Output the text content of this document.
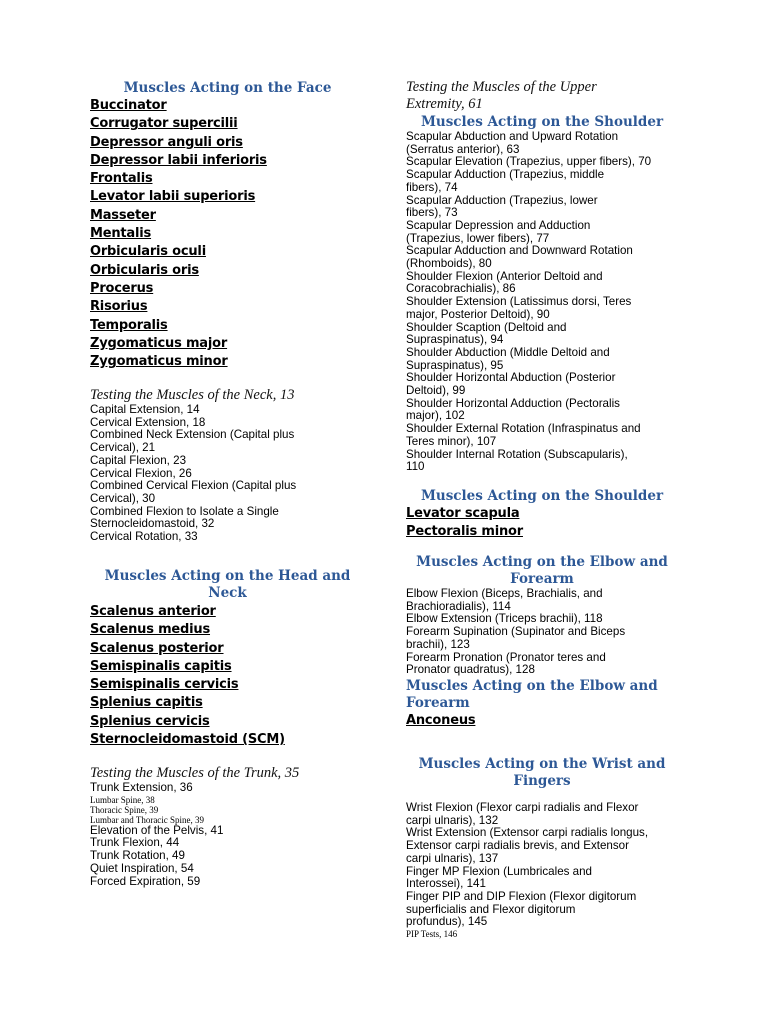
Muscles Acting on the Face

Buccinator

Corrugator supercilii

Depressor anguli oris

Depressor labii inferioris

Frontalis

Levator labii superioris

Masseter

Mentalis

Orbicularis oculi

Orbicularis oris

Procerus

Risorius

Temporalis

Zygomaticus major

Zygomaticus minor

Testing the Muscles of the Neck, 13

Capital Extension, 14

Cervical Extension, 18

Combined Neck Extension (Capital plus

Cervical), 21

Capital Flexion, 23

Cervical Flexion, 26

Combined Cervical Flexion (Capital plus

Cervical), 30

Combined Flexion to Isolate a Single

Sternocleidomastoid, 32

Cervical Rotation, 33

Muscles Acting on the Head and
Neck

Scalenus anterior

Scalenus medius

Scalenus posterior

Semispinalis capitis

Semispinalis cervicis

Splenius capitis

Splenius cervicis

Sternocleidomastoid (SCM)

Testing the Muscles of the Trunk, 35

Trunk Extension, 36

Lumbar Spine, 38

Thoracic Spine, 39

Lumbar and Thoracic Spine, 39

Elevation of the Pelvis, 41

Trunk Flexion, 44

Trunk Rotation, 49

Quiet Inspiration, 54

Forced Expiration, 59

Testing the Muscles of the Upper
Extremity, 61

Muscles Acting on the Shoulder

Scapular Abduction and Upward Rotation

(Serratus anterior), 63

Scapular Elevation (Trapezius, upper fibers), 70

Scapular Adduction (Trapezius, middle

fibers), 74

Scapular Adduction (Trapezius, lower

fibers), 73

Scapular Depression and Adduction

(Trapezius, lower fibers), 77

Scapular Adduction and Downward Rotation

(Rhomboids), 80

Shoulder Flexion (Anterior Deltoid and

Coracobrachialis), 86

Shoulder Extension (Latissimus dorsi, Teres

major, Posterior Deltoid), 90

Shoulder Scaption (Deltoid and

Supraspinatus), 94

Shoulder Abduction (Middle Deltoid and

Supraspinatus), 95

Shoulder Horizontal Abduction (Posterior

Deltoid), 99

Shoulder Horizontal Adduction (Pectoralis

major), 102

Shoulder External Rotation (Infraspinatus and

Teres minor), 107

Shoulder Internal Rotation (Subscapularis),

110

Muscles Acting on the Shoulder

Levator scapula

Pectoralis minor

Muscles Acting on the Elbow and
Forearm

Elbow Flexion (Biceps, Brachialis, and

Brachioradialis), 114

Elbow Extension (Triceps brachii), 118

Forearm Supination (Supinator and Biceps

brachii), 123

Forearm Pronation (Pronator teres and

Pronator quadratus), 128

Muscles Acting on the Elbow and
Forearm

Anconeus

Muscles Acting on the Wrist and
Fingers

Wrist Flexion (Flexor carpi radialis and Flexor

carpi ulnaris), 132

Wrist Extension (Extensor carpi radialis longus,

Extensor carpi radialis brevis, and Extensor

carpi ulnaris), 137

Finger MP Flexion (Lumbricales and

Interossei), 141

Finger PIP and DIP Flexion (Flexor digitorum

superficialis and Flexor digitorum

profundus), 145

PIP Tests, 146
